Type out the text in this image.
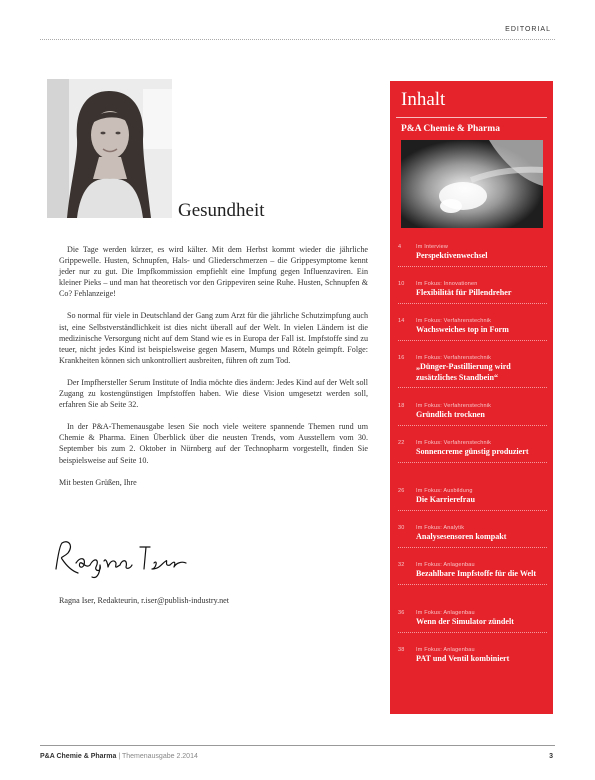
EDITORIAL
Gesundheit

Die Tage werden kürzer, es wird kälter. Mit dem Herbst kommt wieder die jährliche Grippewelle. Husten, Schnupfen, Hals- und Gliederschmerzen – die Grippesymptome kennt jeder nur zu gut. Die Impfkommission empfiehlt eine Impfung gegen Influenzaviren. Ein kleiner Pieks – und man hat theoretisch vor den Grippeviren seine Ruhe. Husten, Schnupfen & Co? Fehlanzeige!

So normal für viele in Deutschland der Gang zum Arzt für die jährliche Schutzimpfung auch ist, eine Selbstverständlichkeit ist dies nicht überall auf der Welt. In vielen Ländern ist die medizinische Versorgung nicht auf dem Stand wie es in Europa der Fall ist. Impfstoffe sind zu teuer, nicht jedes Kind ist beispielsweise gegen Masern, Mumps und Röteln geimpft. Folge: Krankheiten können sich unkontrolliert ausbreiten, führen oft zum Tod.

Der Impfhersteller Serum Institute of India möchte dies ändern: Jedes Kind auf der Welt soll Zugang zu kostengünstigen Impfstoffen haben. Wie diese Vision umgesetzt werden soll, erfahren Sie ab Seite 32.

In der P&A-Themenausgabe lesen Sie noch viele weitere spannende Themen rund um Chemie & Pharma. Einen Überblick über die neusten Trends, vom Ausstellern vom 30. September bis zum 2. Oktober in Nürnberg auf der Technopharm vorgestellt, finden Sie beispielsweise auf Seite 10.

Mit besten Grüßen, Ihre

Ragna Iser, Redakteurin, r.iser@publish-industry.net
Inhalt
P&A Chemie & Pharma
4	Im Interview
Perspektivenwechsel
10 Im Fokus: Innovationen
Flexibilität für Pillendreher
14 Im Fokus: Verfahrenstechnik
Wachsweiches top in Form
16 Im Fokus: Verfahrenstechnik
„Dünger-Pastillierung wird zusätzliches Standbein“
18 Im Fokus: Verfahrenstechnik
Gründlich trocknen
22 Im Fokus: Verfahrenstechnik
Sonnencreme günstig produziert
26 Im Fokus: Ausbildung
Die Karrierefrau
30 Im Fokus: Analytik
Analysesensoren kompakt
32 Im Fokus: Anlagenbau
Bezahlbare Impfstoffe für die Welt
36 Im Fokus: Anlagenbau
Wenn der Simulator zündelt
38 Im Fokus: Anlagenbau
PAT und Ventil kombiniert
P&A Chemie & Pharma | Themenausgabe 2.2014	3
